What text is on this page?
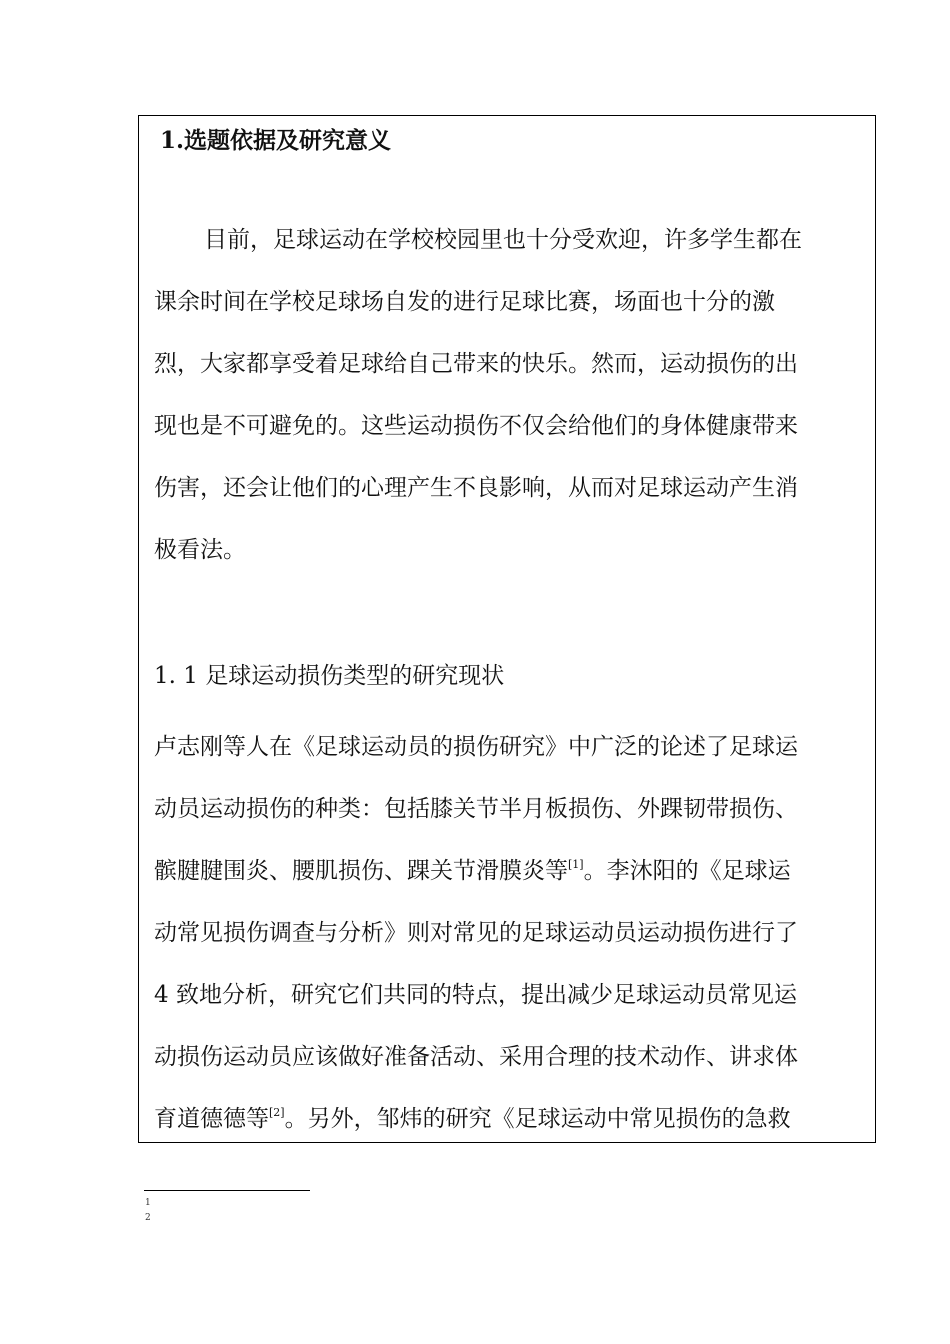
1.选题依据及研究意义
目前，足球运动在学校校园里也十分受欢迎，许多学生都在
课余时间在学校足球场自发的进行足球比赛，场面也十分的激
烈，大家都享受着足球给自己带来的快乐。然而，运动损伤的出
现也是不可避免的。这些运动损伤不仅会给他们的身体健康带来
伤害，还会让他们的心理产生不良影响，从而对足球运动产生消
极看法。
1. 1 足球运动损伤类型的研究现状
卢志刚等人在《足球运动员的损伤研究》中广泛的论述了足球运
动员运动损伤的种类：包括膝关节半月板损伤、外踝韧带损伤、
髌腱腱围炎、腰肌损伤、踝关节滑膜炎等[1]。李沐阳的《足球运
动常见损伤调查与分析》则对常见的足球运动员运动损伤进行了
4 致地分析，研究它们共同的特点，提出减少足球运动员常见运
动损伤运动员应该做好准备活动、采用合理的技术动作、讲求体
育道德德等[2]。另外，邹炜的研究《足球运动中常见损伤的急救
1
2
